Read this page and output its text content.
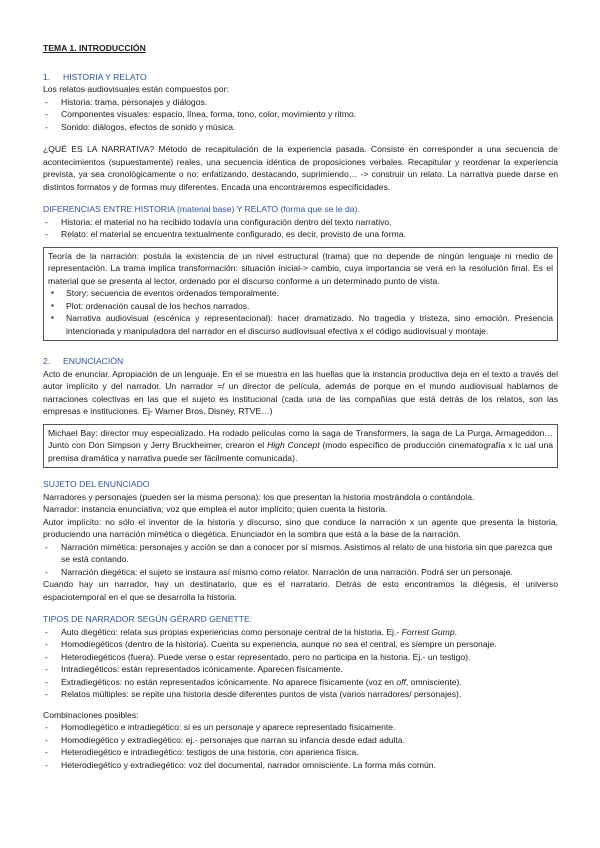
TEMA 1. INTRODUCCIÓN

1. HISTORIA Y RELATO

Los relatos audiovisuales están compuestos por:

- Historia: trama, personajes y diálogos.
- Componentes visuales: espacio, línea, forma, tono, color, movimiento y ritmo.
- Sonido: diálogos, efectos de sonido y música.

¿QUÉ ES LA NARRATIVA? Método de recapitulación de la experiencia pasada. Consiste en corresponder a una secuencia de acontecimientos (supuestamente) reales, una secuencia idéntica de proposiciones verbales. Recapitular y reordenar la experiencia prevista, ya sea cronológicamente o no: enfatizando, destacando, suprimiendo… -> construir un relato. La narrativa puede darse en distintos formatos y de formas muy diferentes. Encada una encontraremos especificidades.

DIFERENCIAS ENTRE HISTORIA (material base) Y RELATO (forma que se le da).

- Historia: el material no ha recibido todavía una configuración dentro del texto narrativo.
- Relato: el material se encuentra textualmente configurado, es decir, provisto de una forma.

Teoría de la narración: postula la existencia de un nivel estructural (trama) que no depende de ningún lenguaje ni medio de representación. La trama implica transformación: situación inicial-> cambio, cuya importancia se verá en la resolución final. Es el material que se presenta al lector, ordenado por el discurso conforme a un determinado punto de vista.

▪ Story: secuencia de eventos ordenados temporalmente.
▪ Plot: ordenación causal de los hechos narrados.
▪ Narrativa audiovisual (escénica y representacional): hacer dramatizado. No tragedia y tristeza, sino emoción. Presencia intencionada y manipuladora del narrador en el discurso audiovisual efectiva x el código audiovisual y montaje.

2. ENUNCIACIÓN

Acto de enunciar. Apropiación de un lenguaje. En el se muestra en las huellas que la instancia productiva deja en el texto a través del autor implícito y del narrador. Un narrador =/ un director de película, además de porque en el mundo audiovisual hablamos de narraciones colectivas en las que el sujeto es institucional (cada una de las compañías que está detrás de los relatos, son las empresas e instituciones. Ej- Warner Bros, Disney, RTVE…)

Michael Bay: director muy especializado. Ha rodado películas como la saga de Transformers, la saga de La Purga, Armageddon… Junto con Don Simpson y Jerry Bruckheimer, crearon el High Concept (modo específico de producción cinematografía x lc ual una premisa dramática y narrativa puede ser fácilmente comunicada).

SUJETO DEL ENUNCIADO

Narradores y personajes (pueden ser la misma persona): los que presentan la historia mostrándola o contándola.

Narrador: instancia enunciativa; voz que emplea el autor implícito; quien cuenta la historia.

Autor implícito: no sólo el inventor de la historia y discurso, sino que conduce la narración x un agente que presenta la historia, produciendo una narración mimética o diegética. Enunciador en la sombra que está a la base de la narración.

- Narración mimética: personajes y acción se dan a conocer por sí mismos. Asistimos al relato de una historia sin que parezca que se está contando.
- Narración diegética: el sujeto se instaura así mismo como relator. Narración de una narración. Podrá ser un personaje.

Cuando hay un narrador, hay un destinatario, que es el narratario. Detrás de esto encontramos la diégesis, el universo espaciotemporal en el que se desarrolla la historia.

TIPOS DE NARRADOR SEGÚN GÉRARD GENETTE:

- Auto diegético: relata sus propias experiencias como personaje central de la historia. Ej.- Forrest Gump.
- Homodiegéticos (dentro de la historia). Cuenta su experiencia, aunque no sea el central, es siempre un personaje.
- Heterodiegéticos (fuera). Puede verse o estar representado, pero no participa en la historia. Ej.- un testigo).
- Intradiegéticos: están representados icónicamente. Aparecen físicamente.
- Extradiegéticos: no están representados icónicamente. No aparece físicamente (voz en off, omnisciente).
- Relatos múltiples: se repite una historia desde diferentes puntos de vista (varios narradores/ personajes).

Combinaciones posibles:

- Homodiegético e intradiegético: si es un personaje y aparece representado físicamente.
- Homodiegético y extradiegético: ej.- personajes que narran su infancia desde edad adulta.
- Heterodiegético e intradiegético: testigos de una historia, con aparienca física.
- Heterodiegético y extradiegético: voz del documental, narrador omnisciente. La forma más común.
